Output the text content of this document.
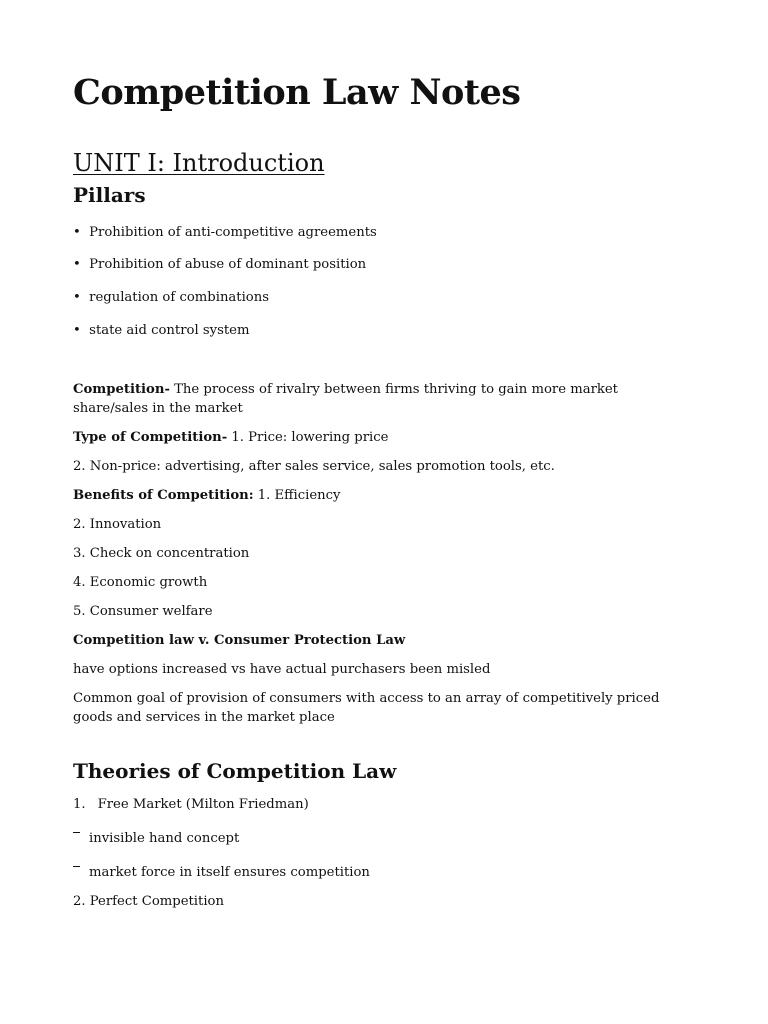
Competition Law Notes
UNIT I: Introduction
Pillars
• Prohibition of anti-competitive agreements
• Prohibition of abuse of dominant position
• regulation of combinations
• state aid control system
Competition- The process of rivalry between firms thriving to gain more market share/sales in the market
Type of Competition- 1. Price: lowering price
2. Non-price: advertising, after sales service, sales promotion tools, etc.
Benefits of Competition: 1. Efficiency
2. Innovation
3. Check on concentration
4. Economic growth
5. Consumer welfare
Competition law v. Consumer Protection Law
have options increased vs have actual purchasers been misled
Common goal of provision of consumers with access to an array of competitively priced goods and services in the market place
Theories of Competition Law
1. Free Market (Milton Friedman)
invisible hand concept
market force in itself ensures competition
2. Perfect Competition
